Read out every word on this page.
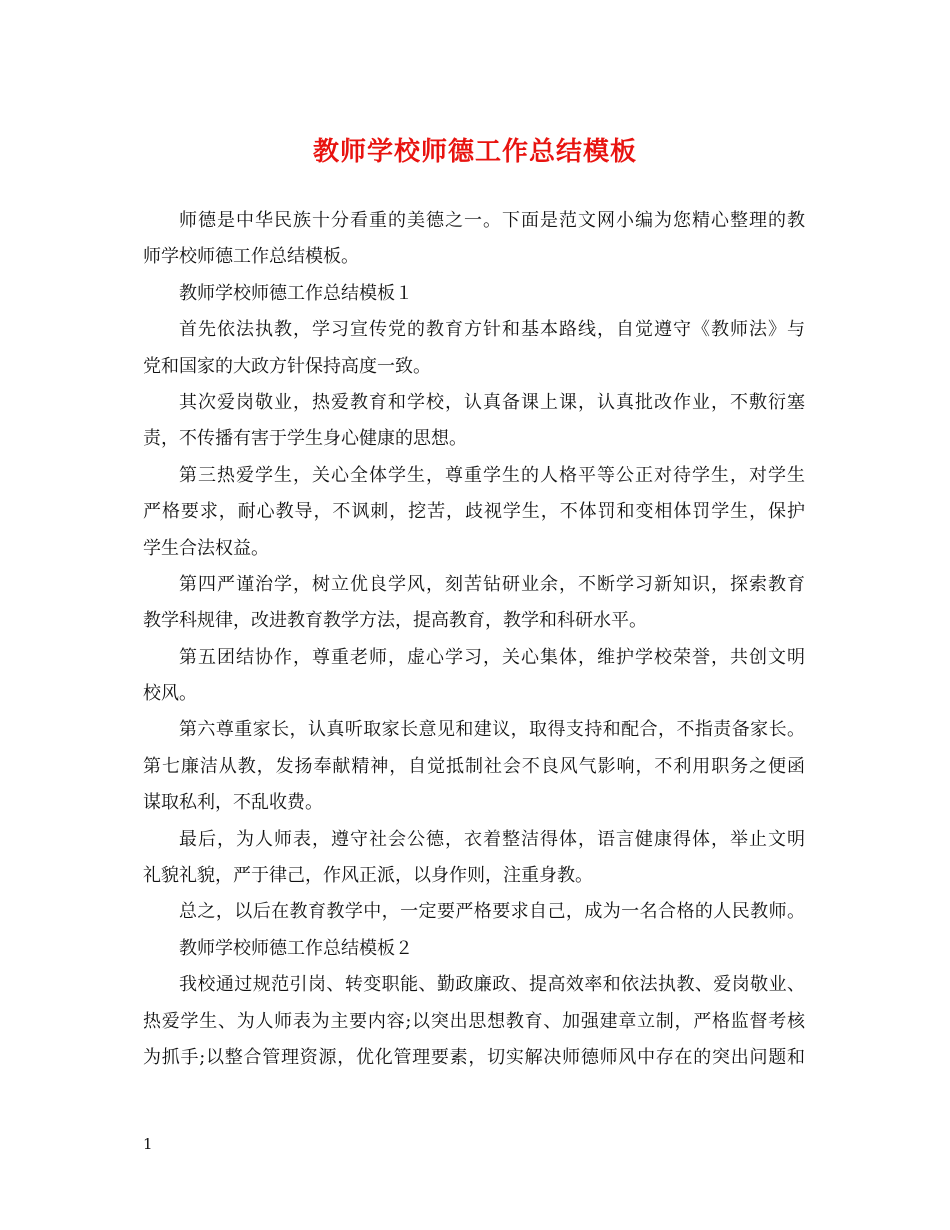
教师学校师德工作总结模板
师德是中华民族十分看重的美德之一。下面是范文网小编为您精心整理的教
师学校师德工作总结模板。
教师学校师德工作总结模板１
首先依法执教，学习宣传党的教育方针和基本路线，自觉遵守《教师法》与
党和国家的大政方针保持高度一致。
其次爱岗敬业，热爱教育和学校，认真备课上课，认真批改作业，不敷衍塞
责，不传播有害于学生身心健康的思想。
第三热爱学生，关心全体学生，尊重学生的人格平等公正对待学生，对学生
严格要求，耐心教导，不讽刺，挖苦，歧视学生，不体罚和变相体罚学生，保护
学生合法权益。
第四严谨治学，树立优良学风，刻苦钻研业余，不断学习新知识，探索教育
教学科规律，改进教育教学方法，提高教育，教学和科研水平。
第五团结协作，尊重老师，虚心学习，关心集体，维护学校荣誉，共创文明
校风。
第六尊重家长，认真听取家长意见和建议，取得支持和配合，不指责备家长。
第七廉洁从教，发扬奉献精神，自觉抵制社会不良风气影响，不利用职务之便函
谋取私利，不乱收费。
最后，为人师表，遵守社会公德，衣着整洁得体，语言健康得体，举止文明
礼貌礼貌，严于律己，作风正派，以身作则，注重身教。
总之，以后在教育教学中，一定要严格要求自己，成为一名合格的人民教师。
教师学校师德工作总结模板２
我校通过规范引岗、转变职能、勤政廉政、提高效率和依法执教、爱岗敬业、
热爱学生、为人师表为主要内容;以突出思想教育、加强建章立制，严格监督考核
为抓手;以整合管理资源，优化管理要素，切实解决师德师风中存在的突出问题和
1
